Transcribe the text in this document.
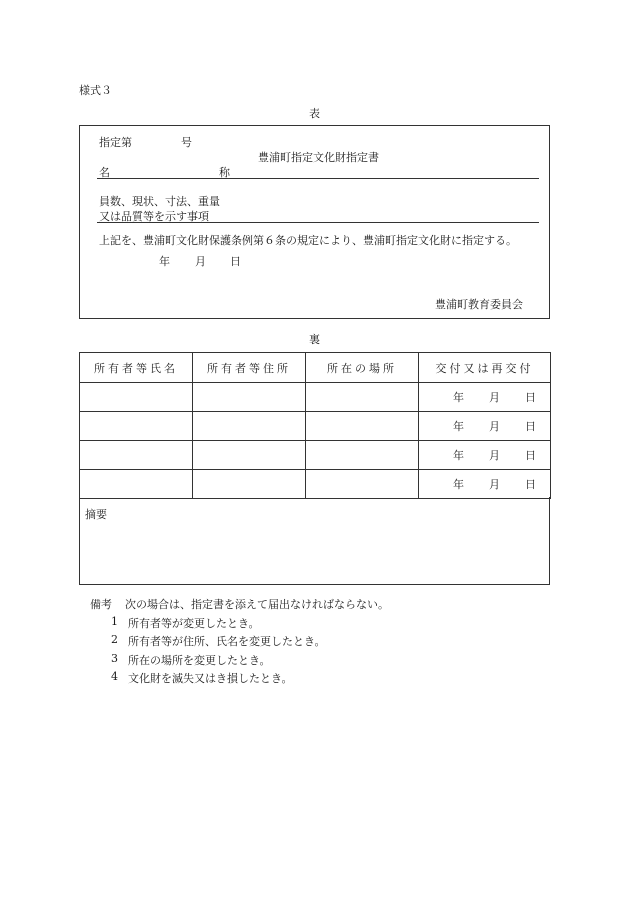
様式３
表
指定第	号
豊浦町指定文化財指定書
名	称
員数、現状、寸法、重量
又は品質等を示す事項
上記を、豊浦町文化財保護条例第６条の規定により、豊浦町指定文化財に指定する。
年 月 日
豊浦町教育委員会
裏
所有者等氏名	所有者等住所	所在の場所	交付又は再交付
			年 月 日
			年 月 日
			年 月 日
			年 月 日
摘要
備考 次の場合は、指定書を添えて届出なければならない。
1 所有者等が変更したとき。
2 所有者等が住所、氏名を変更したとき。
3 所在の場所を変更したとき。
4 文化財を滅失又はき損したとき。
